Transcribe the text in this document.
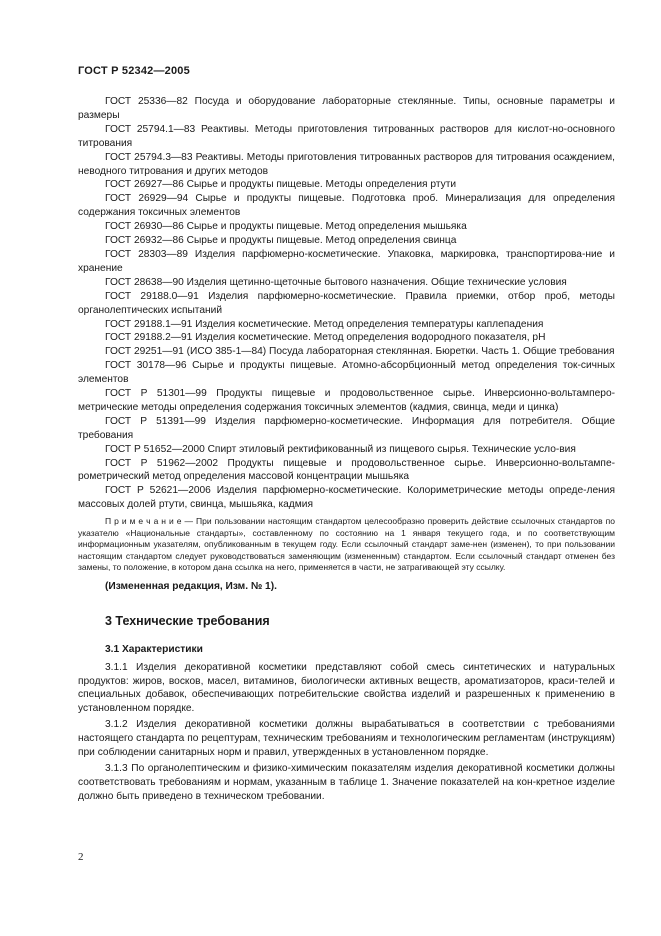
ГОСТ Р 52342—2005

ГОСТ 25336—82 Посуда и оборудование лабораторные стеклянные. Типы, основные параметры и размеры

ГОСТ 25794.1—83 Реактивы. Методы приготовления титрованных растворов для кислот-но-основного титрования

ГОСТ 25794.3—83 Реактивы. Методы приготовления титрованных растворов для титрования осаждением, неводного титрования и других методов

ГОСТ 26927—86 Сырье и продукты пищевые. Методы определения ртути

ГОСТ 26929—94 Сырье и продукты пищевые. Подготовка проб. Минерализация для определения содержания токсичных элементов

ГОСТ 26930—86 Сырье и продукты пищевые. Метод определения мышьяка

ГОСТ 26932—86 Сырье и продукты пищевые. Метод определения свинца

ГОСТ 28303—89 Изделия парфюмерно-косметические. Упаковка, маркировка, транспортирова-ние и хранение

ГОСТ 28638—90 Изделия щетинно-щеточные бытового назначения. Общие технические условия

ГОСТ 29188.0—91 Изделия парфюмерно-косметические. Правила приемки, отбор проб, методы органолептических испытаний

ГОСТ 29188.1—91 Изделия косметические. Метод определения температуры каплепадения

ГОСТ 29188.2—91 Изделия косметические. Метод определения водородного показателя, pH

ГОСТ 29251—91 (ИСО 385-1—84) Посуда лабораторная стеклянная. Бюретки. Часть 1. Общие требования

ГОСТ 30178—96 Сырье и продукты пищевые. Атомно-абсорбционный метод определения ток-сичных элементов

ГОСТ Р 51301—99 Продукты пищевые и продовольственное сырье. Инверсионно-вольтамперо-метрические методы определения содержания токсичных элементов (кадмия, свинца, меди и цинка)

ГОСТ Р 51391—99 Изделия парфюмерно-косметические. Информация для потребителя. Общие требования

ГОСТ Р 51652—2000 Спирт этиловый ректификованный из пищевого сырья. Технические усло-вия

ГОСТ Р 51962—2002 Продукты пищевые и продовольственное сырье. Инверсионно-вольтампе-рометрический метод определения массовой концентрации мышьяка

ГОСТ Р 52621—2006 Изделия парфюмерно-косметические. Колориметрические методы опреде-ления массовых долей ртути, свинца, мышьяка, кадмия

П р и м е ч а н и е — При пользовании настоящим стандартом целесообразно проверить действие ссылочных стандартов по указателю «Национальные стандарты», составленному по состоянию на 1 января текущего года, и по соответствующим информационным указателям, опубликованным в текущем году. Если ссылочный стандарт заме-нен (изменен), то при пользовании настоящим стандартом следует руководствоваться заменяющим (измененным) стандартом. Если ссылочный стандарт отменен без замены, то положение, в котором дана ссылка на него, применяется в части, не затрагивающей эту ссылку.

(Измененная редакция, Изм. № 1).

3 Технические требования

3.1 Характеристики

3.1.1 Изделия декоративной косметики представляют собой смесь синтетических и натуральных продуктов: жиров, восков, масел, витаминов, биологически активных веществ, ароматизаторов, краси-телей и специальных добавок, обеспечивающих потребительские свойства изделий и разрешенных к применению в установленном порядке.

3.1.2 Изделия декоративной косметики должны вырабатываться в соответствии с требованиями настоящего стандарта по рецептурам, техническим требованиям и технологическим регламентам (инструкциям) при соблюдении санитарных норм и правил, утвержденных в установленном порядке.

3.1.3 По органолептическим и физико-химическим показателям изделия декоративной косметики должны соответствовать требованиям и нормам, указанным в таблице 1. Значение показателей на кон-кретное изделие должно быть приведено в техническом требовании.

2
